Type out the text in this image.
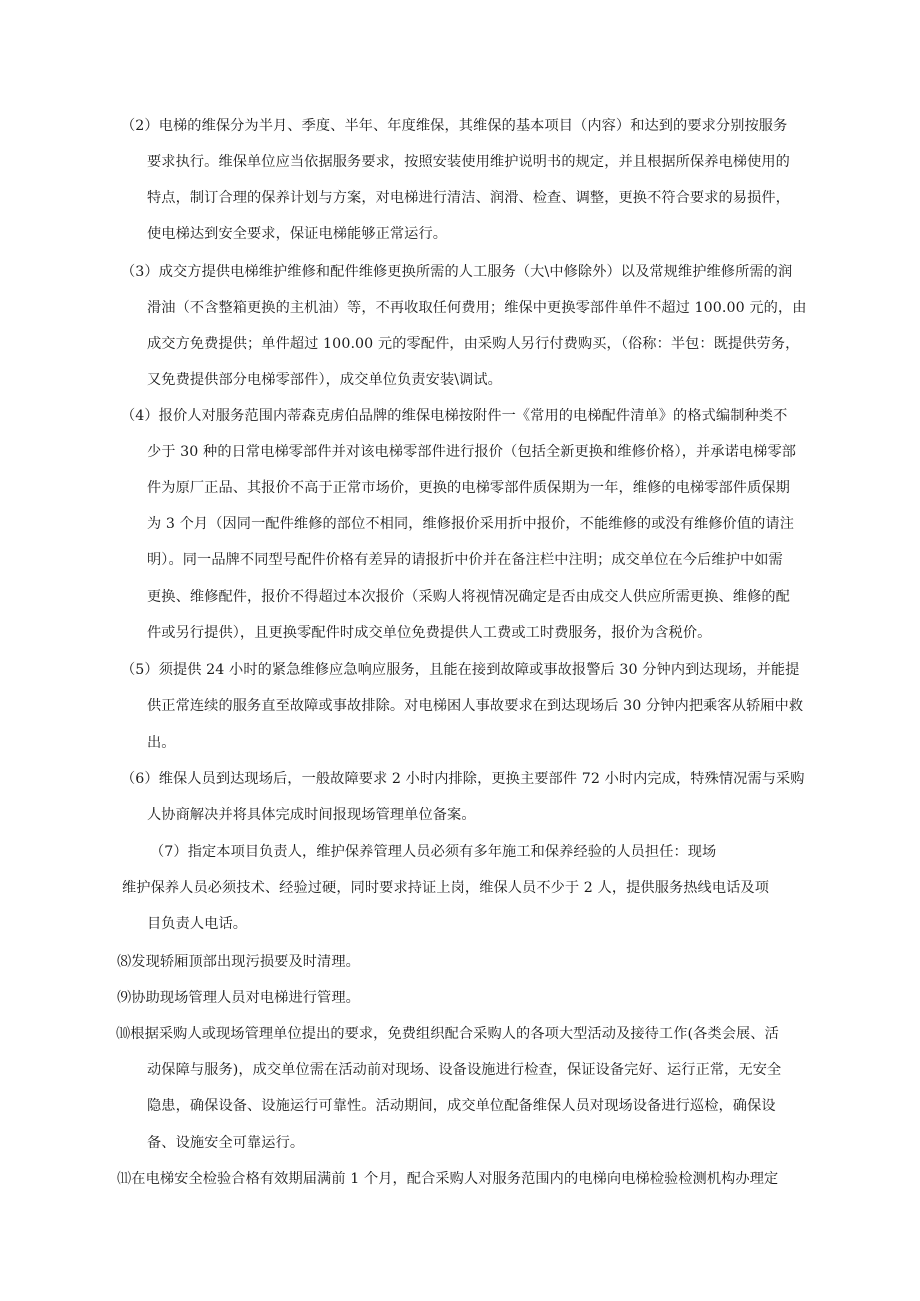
（2）电梯的维保分为半月、季度、半年、年度维保，其维保的基本项目（内容）和达到的要求分别按服务
要求执行。维保单位应当依据服务要求，按照安装使用维护说明书的规定，并且根据所保养电梯使用的
特点，制订合理的保养计划与方案，对电梯进行清洁、润滑、检查、调整，更换不符合要求的易损件，
使电梯达到安全要求，保证电梯能够正常运行。
（3）成交方提供电梯维护维修和配件维修更换所需的人工服务（大\中修除外）以及常规维护维修所需的润
滑油（不含整箱更换的主机油）等，不再收取任何费用；维保中更换零部件单件不超过 100.00 元的，由
成交方免费提供；单件超过 100.00 元的零配件，由采购人另行付费购买，（俗称：半包：既提供劳务，
又免费提供部分电梯零部件），成交单位负责安装\调试。
（4）报价人对服务范围内蒂森克虏伯品牌的维保电梯按附件一《常用的电梯配件清单》的格式编制种类不
少于 30 种的日常电梯零部件并对该电梯零部件进行报价（包括全新更换和维修价格），并承诺电梯零部
件为原厂正品、其报价不高于正常市场价，更换的电梯零部件质保期为一年，维修的电梯零部件质保期
为 3 个月（因同一配件维修的部位不相同，维修报价采用折中报价，不能维修的或没有维修价值的请注
明）。同一品牌不同型号配件价格有差异的请报折中价并在备注栏中注明；成交单位在今后维护中如需
更换、维修配件，报价不得超过本次报价（采购人将视情况确定是否由成交人供应所需更换、维修的配
件或另行提供），且更换零配件时成交单位免费提供人工费或工时费服务，报价为含税价。
（5）须提供 24 小时的紧急维修应急响应服务，且能在接到故障或事故报警后 30 分钟内到达现场，并能提
供正常连续的服务直至故障或事故排除。对电梯困人事故要求在到达现场后 30 分钟内把乘客从轿厢中救
出。
（6）维保人员到达现场后，一般故障要求 2 小时内排除，更换主要部件 72 小时内完成，特殊情况需与采购
人协商解决并将具体完成时间报现场管理单位备案。
（7）指定本项目负责人，维护保养管理人员必须有多年施工和保养经验的人员担任：现场
维护保养人员必须技术、经验过硬，同时要求持证上岗，维保人员不少于 2 人，提供服务热线电话及项
目负责人电话。
⑻发现轿厢顶部出现污损要及时清理。
⑼协助现场管理人员对电梯进行管理。
⑽根据采购人或现场管理单位提出的要求，免费组织配合采购人的各项大型活动及接待工作(各类会展、活
动保障与服务)，成交单位需在活动前对现场、设备设施进行检查，保证设备完好、运行正常，无安全
隐患，确保设备、设施运行可靠性。活动期间，成交单位配备维保人员对现场设备进行巡检，确保设
备、设施安全可靠运行。
⑾在电梯安全检验合格有效期届满前 1 个月，配合采购人对服务范围内的电梯向电梯检验检测机构办理定
